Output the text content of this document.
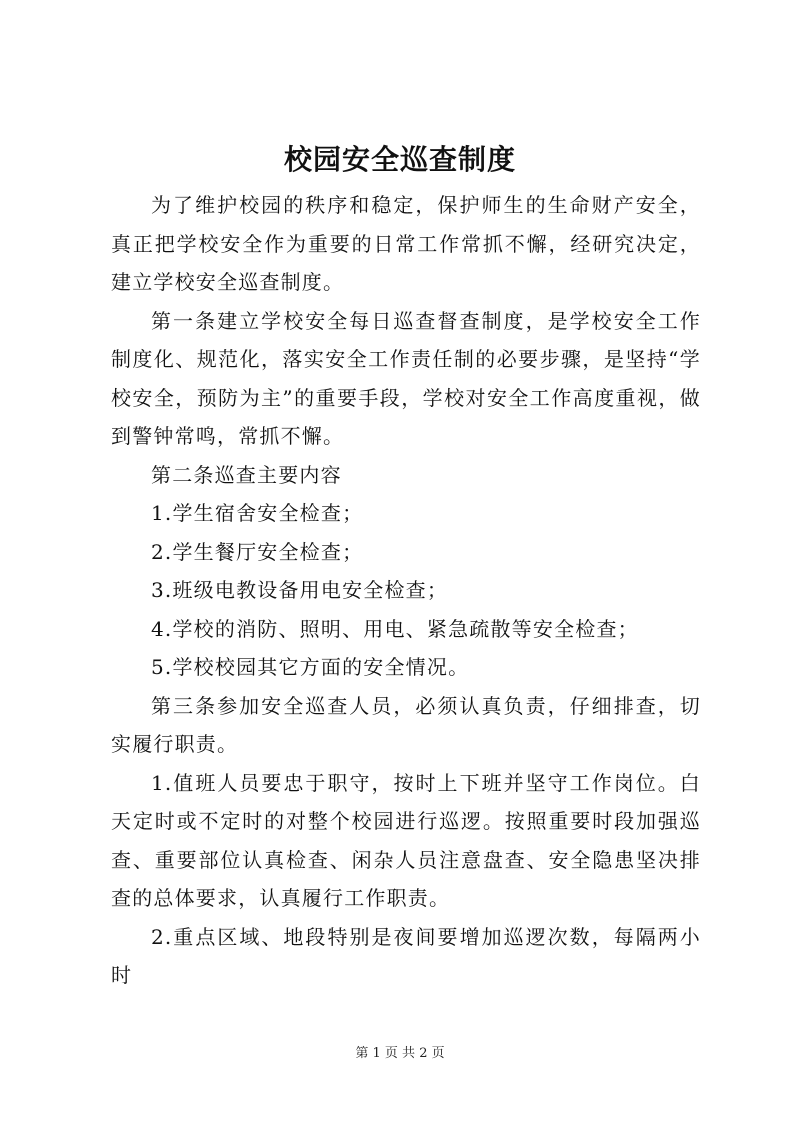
校园安全巡查制度

为了维护校园的秩序和稳定，保护师生的生命财产安全，真正把学校安全作为重要的日常工作常抓不懈，经研究决定，建立学校安全巡查制度。

第一条建立学校安全每日巡查督查制度，是学校安全工作制度化、规范化，落实安全工作责任制的必要步骤，是坚持“学校安全，预防为主”的重要手段，学校对安全工作高度重视，做到警钟常鸣，常抓不懈。

第二条巡查主要内容

1.学生宿舍安全检查；

2.学生餐厅安全检查；

3.班级电教设备用电安全检查；

4.学校的消防、照明、用电、紧急疏散等安全检查；

5.学校校园其它方面的安全情况。

第三条参加安全巡查人员，必须认真负责，仔细排查，切实履行职责。

1.值班人员要忠于职守，按时上下班并坚守工作岗位。白天定时或不定时的对整个校园进行巡逻。按照重要时段加强巡查、重要部位认真检查、闲杂人员注意盘查、安全隐患坚决排查的总体要求，认真履行工作职责。

2.重点区域、地段特别是夜间要增加巡逻次数，每隔两小时

第 1 页 共 2 页
